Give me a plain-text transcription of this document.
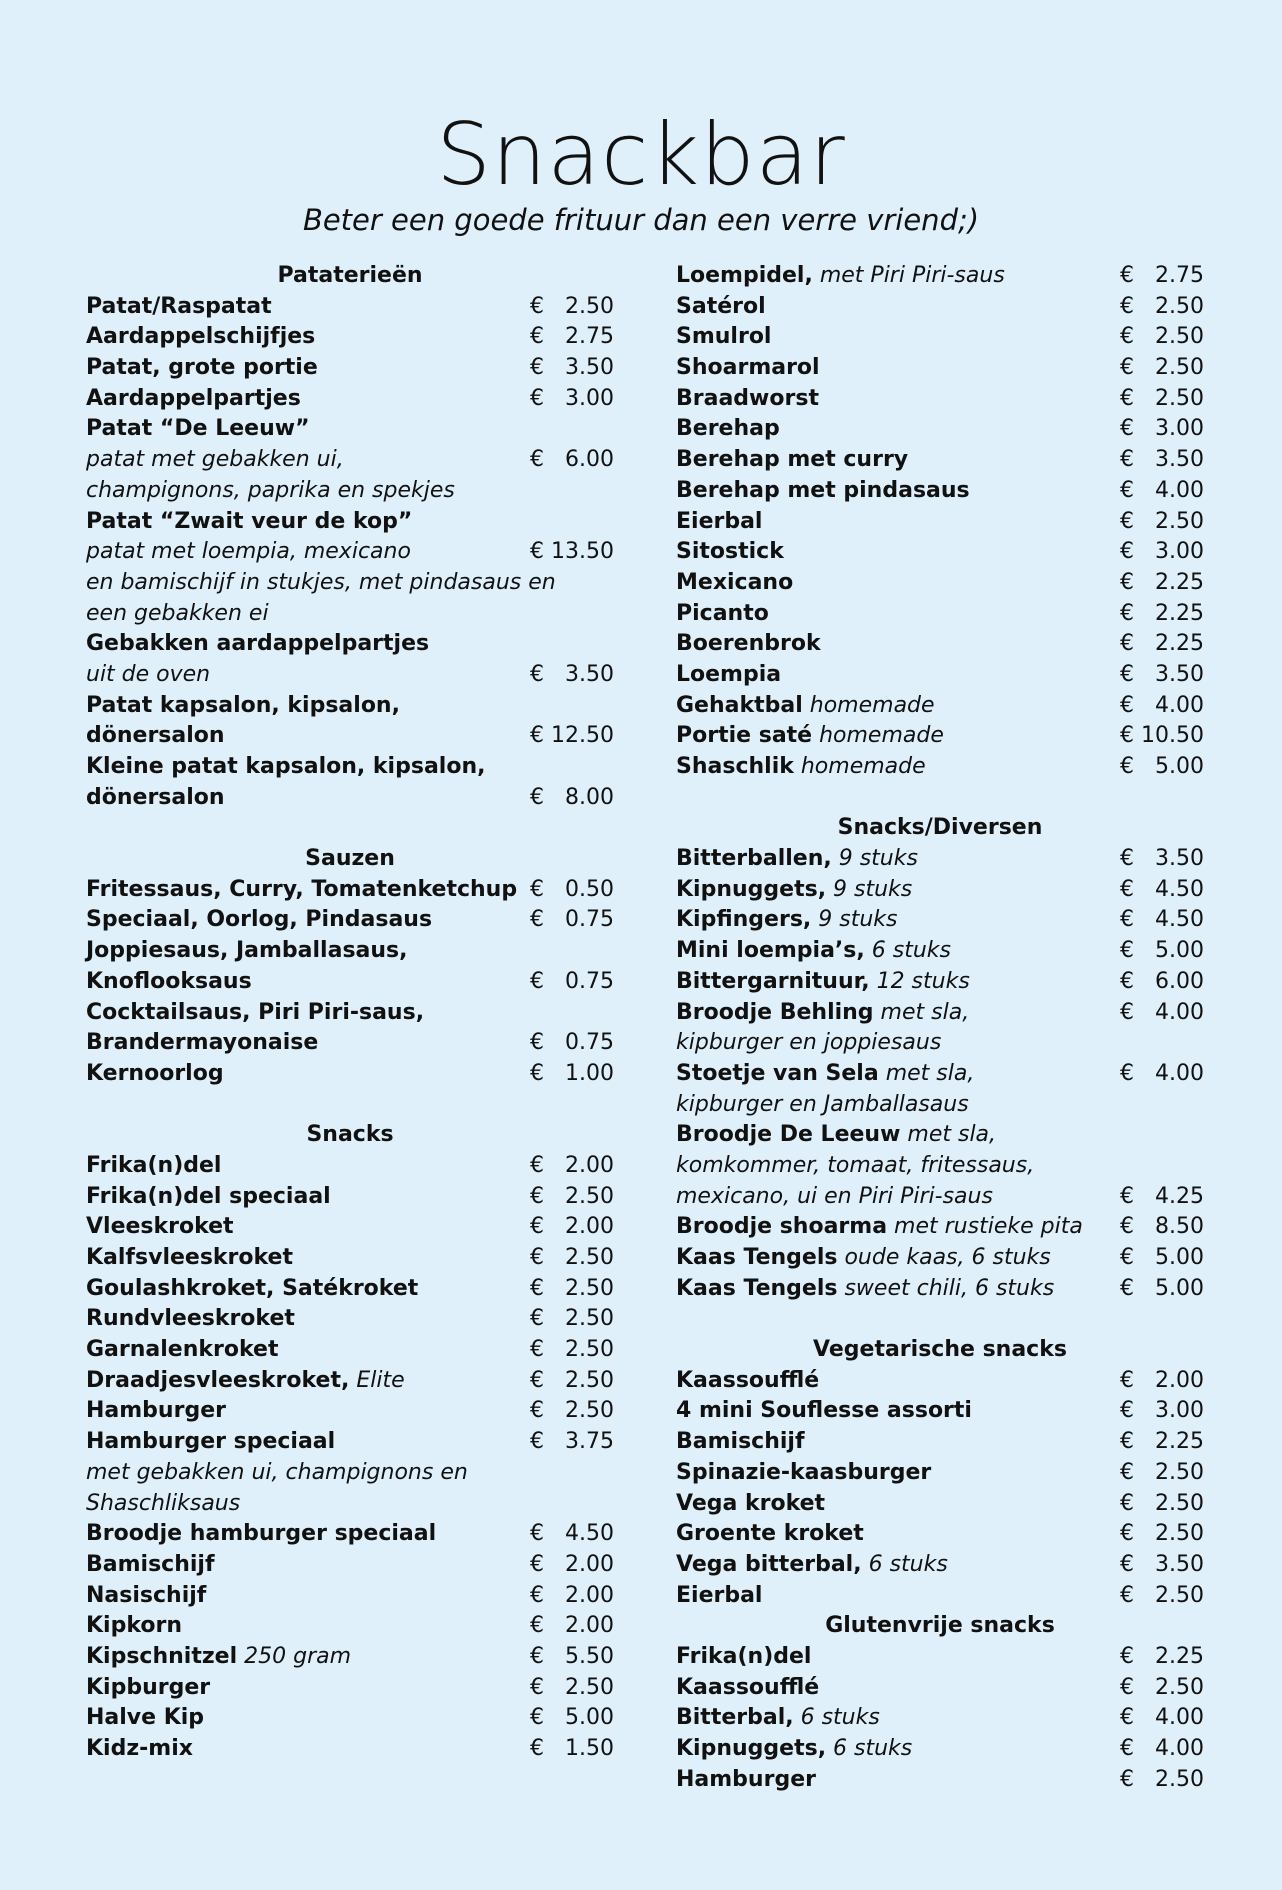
Snackbar
Beter een goede frituur dan een verre vriend;)
Pataterieën
Patat/Raspatat	€ 2.50
Aardappelschijfjes	€ 2.75
Patat, grote portie	€ 3.50
Aardappelpartjes	€ 3.00
Patat “De Leeuw”
patat met gebakken ui,	€ 6.00
champignons, paprika en spekjes
Patat “Zwait veur de kop”
patat met loempia, mexicano	€ 13.50
en bamischijf in stukjes, met pindasaus en
een gebakken ei
Gebakken aardappelpartjes
uit de oven	€ 3.50
Patat kapsalon, kipsalon,
dönersalon	€ 12.50
Kleine patat kapsalon, kipsalon,
dönersalon	€ 8.00
Sauzen
Fritessaus, Curry, Tomatenketchup € 0.50
Speciaal, Oorlog, Pindasaus	€ 0.75
Joppiesaus, Jamballasaus,
Knoflooksaus	€ 0.75
Cocktailsaus, Piri Piri-saus,
Brandermayonaise	€ 0.75
Kernoorlog	€ 1.00
Snacks
Frika(n)del	€ 2.00
Frika(n)del speciaal	€ 2.50
Vleeskroket	€ 2.00
Kalfsvleeskroket	€ 2.50
Goulashkroket, Satékroket	€ 2.50
Rundvleeskroket	€ 2.50
Garnalenkroket	€ 2.50
Draadjesvleeskroket, Elite	€ 2.50
Hamburger	€ 2.50
Hamburger speciaal	€ 3.75
met gebakken ui, champignons en
Shaschliksaus
Broodje hamburger speciaal	€ 4.50
Bamischijf	€ 2.00
Nasischijf	€ 2.00
Kipkorn	€ 2.00
Kipschnitzel 250 gram	€ 5.50
Kipburger	€ 2.50
Halve Kip	€ 5.00
Kidz-mix	€ 1.50
Loempidel, met Piri Piri-saus	€ 2.75
Satérol	€ 2.50
Smulrol	€ 2.50
Shoarmarol	€ 2.50
Braadworst	€ 2.50
Berehap	€ 3.00
Berehap met curry	€ 3.50
Berehap met pindasaus	€ 4.00
Eierbal	€ 2.50
Sitostick	€ 3.00
Mexicano	€ 2.25
Picanto	€ 2.25
Boerenbrok	€ 2.25
Loempia	€ 3.50
Gehaktbal homemade	€ 4.00
Portie saté homemade	€ 10.50
Shaschlik homemade	€ 5.00
Snacks/Diversen
Bitterballen, 9 stuks	€ 3.50
Kipnuggets, 9 stuks	€ 4.50
Kipfingers, 9 stuks	€ 4.50
Mini loempia’s, 6 stuks	€ 5.00
Bittergarnituur, 12 stuks	€ 6.00
Broodje Behling met sla,	€ 4.00
kipburger en joppiesaus
Stoetje van Sela met sla,	€ 4.00
kipburger en Jamballasaus
Broodje De Leeuw met sla,
komkommer, tomaat, fritessaus,
mexicano, ui en Piri Piri-saus	€ 4.25
Broodje shoarma met rustieke pita € 8.50
Kaas Tengels oude kaas, 6 stuks	€ 5.00
Kaas Tengels sweet chili, 6 stuks	€ 5.00
Vegetarische snacks
Kaassoufflé	€ 2.00
4 mini Souflesse assorti	€ 3.00
Bamischijf	€ 2.25
Spinazie-kaasburger	€ 2.50
Vega kroket	€ 2.50
Groente kroket	€ 2.50
Vega bitterbal, 6 stuks	€ 3.50
Eierbal	€ 2.50
Glutenvrije snacks
Frika(n)del	€ 2.25
Kaassoufflé	€ 2.50
Bitterbal, 6 stuks	€ 4.00
Kipnuggets, 6 stuks	€ 4.00
Hamburger	€ 2.50
